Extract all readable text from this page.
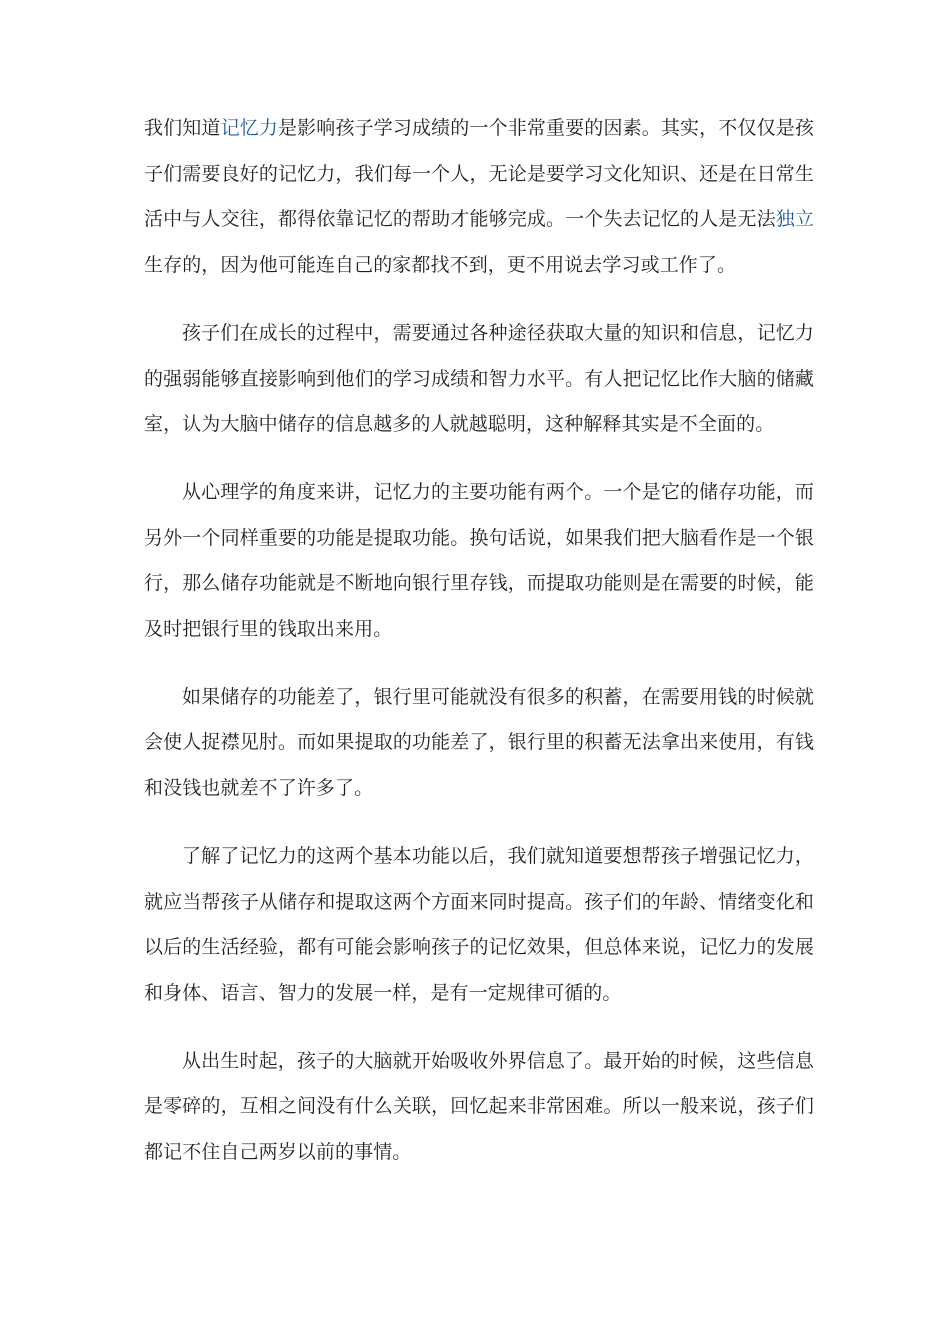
我们知道记忆力是影响孩子学习成绩的一个非常重要的因素。其实，不仅仅是孩子们需要良好的记忆力，我们每一个人，无论是要学习文化知识、还是在日常生活中与人交往，都得依靠记忆的帮助才能够完成。一个失去记忆的人是无法独立生存的，因为他可能连自己的家都找不到，更不用说去学习或工作了。

孩子们在成长的过程中，需要通过各种途径获取大量的知识和信息，记忆力的强弱能够直接影响到他们的学习成绩和智力水平。有人把记忆比作大脑的储藏室，认为大脑中储存的信息越多的人就越聪明，这种解释其实是不全面的。

从心理学的角度来讲，记忆力的主要功能有两个。一个是它的储存功能，而另外一个同样重要的功能是提取功能。换句话说，如果我们把大脑看作是一个银行，那么储存功能就是不断地向银行里存钱，而提取功能则是在需要的时候，能及时把银行里的钱取出来用。

如果储存的功能差了，银行里可能就没有很多的积蓄，在需要用钱的时候就会使人捉襟见肘。而如果提取的功能差了，银行里的积蓄无法拿出来使用，有钱和没钱也就差不了许多了。

了解了记忆力的这两个基本功能以后，我们就知道要想帮孩子增强记忆力，就应当帮孩子从储存和提取这两个方面来同时提高。孩子们的年龄、情绪变化和以后的生活经验，都有可能会影响孩子的记忆效果，但总体来说，记忆力的发展和身体、语言、智力的发展一样，是有一定规律可循的。

从出生时起，孩子的大脑就开始吸收外界信息了。最开始的时候，这些信息是零碎的，互相之间没有什么关联，回忆起来非常困难。所以一般来说，孩子们都记不住自己两岁以前的事情。
